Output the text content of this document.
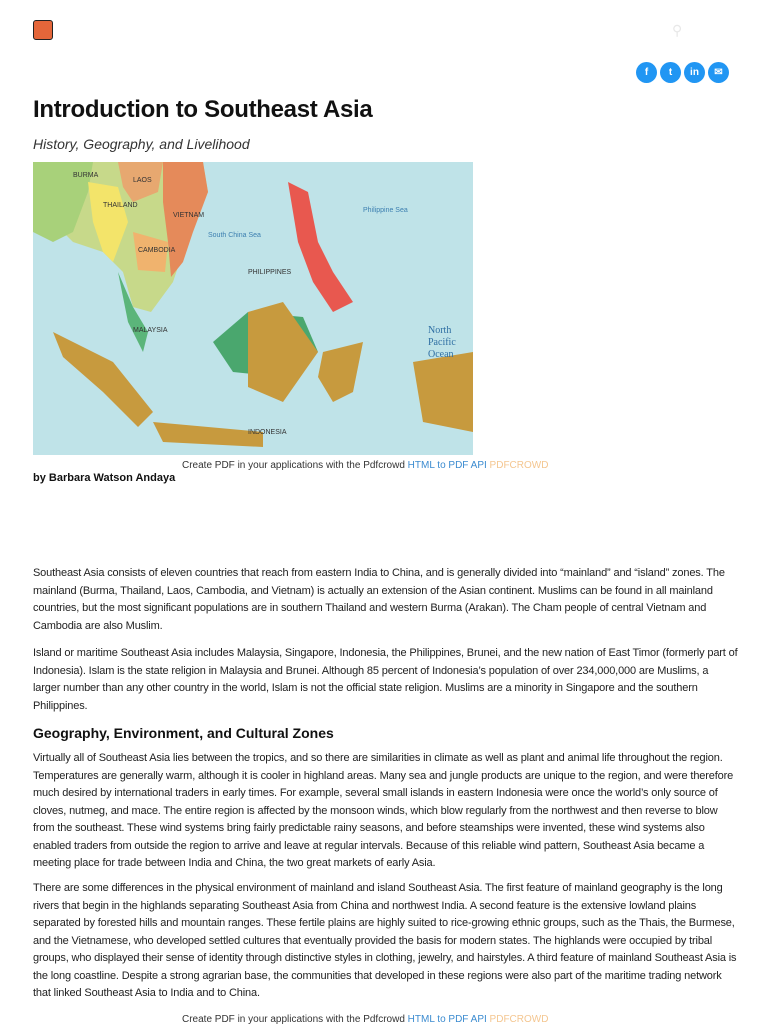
⚲
f	t	in	✉
Introduction to Southeast Asia
History, Geography, and Livelihood
BURMA
LAOS
THAILAND
VIETNAM
CAMBODIA
South China Sea
PHILIPPINES
Philippine Sea
MALAYSIA
INDONESIA
North Pacific Ocean
Create PDF in your applications with the Pdfcrowd HTML to PDF API PDFCROWD
by Barbara Watson Andaya

Southeast Asia consists of eleven countries that reach from eastern India to China, and is generally divided into “mainland” and “island” zones. The mainland (Burma, Thailand, Laos, Cambodia, and Vietnam) is actually an extension of the Asian continent. Muslims can be found in all mainland countries, but the most significant populations are in southern Thailand and western Burma (Arakan). The Cham people of central Vietnam and Cambodia are also Muslim.

Island or maritime Southeast Asia includes Malaysia, Singapore, Indonesia, the Philippines, Brunei, and the new nation of East Timor (formerly part of Indonesia). Islam is the state religion in Malaysia and Brunei. Although 85 percent of Indonesia’s population of over 234,000,000 are Muslims, a larger number than any other country in the world, Islam is not the official state religion. Muslims are a minority in Singapore and the southern Philippines.

Geography, Environment, and Cultural Zones

Virtually all of Southeast Asia lies between the tropics, and so there are similarities in climate as well as plant and animal life throughout the region. Temperatures are generally warm, although it is cooler in highland areas. Many sea and jungle products are unique to the region, and were therefore much desired by international traders in early times. For example, several small islands in eastern Indonesia were once the world’s only source of cloves, nutmeg, and mace. The entire region is affected by the monsoon winds, which blow regularly from the northwest and then reverse to blow from the southeast. These wind systems bring fairly predictable rainy seasons, and before steamships were invented, these wind systems also enabled traders from outside the region to arrive and leave at regular intervals. Because of this reliable wind pattern, Southeast Asia became a meeting place for trade between India and China, the two great markets of early Asia.

There are some differences in the physical environment of mainland and island Southeast Asia. The first feature of mainland geography is the long rivers that begin in the highlands separating Southeast Asia from China and northwest India. A second feature is the extensive lowland plains separated by forested hills and mountain ranges. These fertile plains are highly suited to rice-growing ethnic groups, such as the Thais, the Burmese, and the Vietnamese, who developed settled cultures that eventually provided the basis for modern states. The highlands were occupied by tribal groups, who displayed their sense of identity through distinctive styles in clothing, jewelry, and hairstyles. A third feature of mainland Southeast Asia is the long coastline. Despite a strong agrarian base, the communities that developed in these regions were also part of the maritime trading network that linked Southeast Asia to India and to China.

Create PDF in your applications with the Pdfcrowd HTML to PDF API PDFCROWD
